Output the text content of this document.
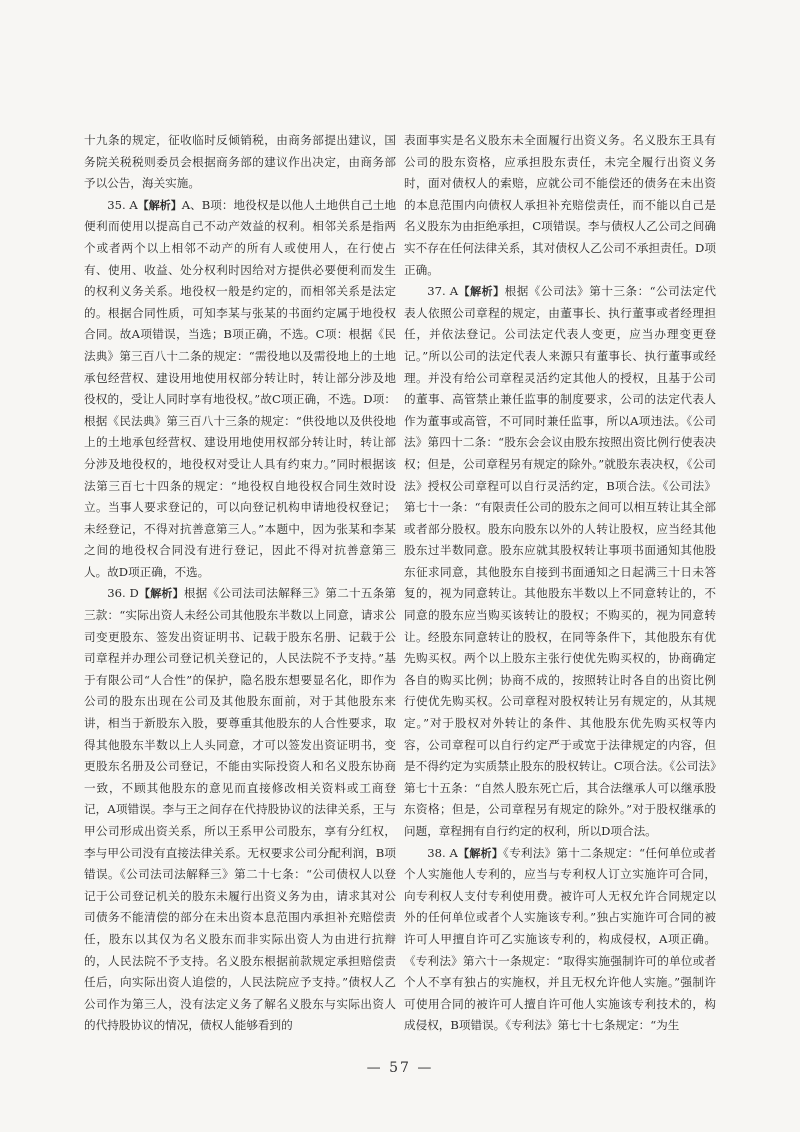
十九条的规定，征收临时反倾销税，由商务部提出建议，国务院关税税则委员会根据商务部的建议作出决定，由商务部予以公告，海关实施。

35. A【解析】A、B项：地役权是以他人土地供自己土地便利而使用以提高自己不动产效益的权利。相邻关系是指两个或者两个以上相邻不动产的所有人或使用人，在行使占有、使用、收益、处分权利时因给对方提供必要便利而发生的权利义务关系。地役权一般是约定的，而相邻关系是法定的。根据合同性质，可知李某与张某的书面约定属于地役权合同。故A项错误，当选；B项正确，不选。C项：根据《民法典》第三百八十二条的规定：“需役地以及需役地上的土地承包经营权、建设用地使用权部分转让时，转让部分涉及地役权的，受让人同时享有地役权。”故C项正确，不选。D项：根据《民法典》第三百八十三条的规定：“供役地以及供役地上的土地承包经营权、建设用地使用权部分转让时，转让部分涉及地役权的，地役权对受让人具有约束力。”同时根据该法第三百七十四条的规定：“地役权自地役权合同生效时设立。当事人要求登记的，可以向登记机构申请地役权登记；未经登记，不得对抗善意第三人。”本题中，因为张某和李某之间的地役权合同没有进行登记，因此不得对抗善意第三人。故D项正确，不选。

36. D【解析】根据《公司法司法解释三》第二十五条第三款：“实际出资人未经公司其他股东半数以上同意，请求公司变更股东、签发出资证明书、记载于股东名册、记载于公司章程并办理公司登记机关登记的，人民法院不予支持。”基于有限公司“人合性”的保护，隐名股东想要显名化，即作为公司的股东出现在公司及其他股东面前，对于其他股东来讲，相当于新股东入股，要尊重其他股东的人合性要求，取得其他股东半数以上人头同意，才可以签发出资证明书，变更股东名册及公司登记，不能由实际投资人和名义股东协商一致，不顾其他股东的意见而直接修改相关资料或工商登记，A项错误。李与王之间存在代持股协议的法律关系，王与甲公司形成出资关系，所以王系甲公司股东，享有分红权，李与甲公司没有直接法律关系。无权要求公司分配利润，B项错误。《公司法司法解释三》第二十七条：“公司债权人以登记于公司登记机关的股东未履行出资义务为由，请求其对公司债务不能清偿的部分在未出资本息范围内承担补充赔偿责任，股东以其仅为名义股东而非实际出资人为由进行抗辩的，人民法院不予支持。名义股东根据前款规定承担赔偿责任后，向实际出资人追偿的，人民法院应予支持。”债权人乙公司作为第三人，没有法定义务了解名义股东与实际出资人的代持股协议的情况，债权人能够看到的

表面事实是名义股东未全面履行出资义务。名义股东王具有公司的股东资格，应承担股东责任，未完全履行出资义务时，面对债权人的索赔，应就公司不能偿还的债务在未出资的本息范围内向债权人承担补充赔偿责任，而不能以自己是名义股东为由拒绝承担，C项错误。李与债权人乙公司之间确实不存在任何法律关系，其对债权人乙公司不承担责任。D项正确。

37. A【解析】根据《公司法》第十三条：“公司法定代表人依照公司章程的规定，由董事长、执行董事或者经理担任，并依法登记。公司法定代表人变更，应当办理变更登记。”所以公司的法定代表人来源只有董事长、执行董事或经理。并没有给公司章程灵活约定其他人的授权，且基于公司的董事、高管禁止兼任监事的制度要求，公司的法定代表人作为董事或高管，不可同时兼任监事，所以A项违法。《公司法》第四十二条：“股东会会议由股东按照出资比例行使表决权；但是，公司章程另有规定的除外。”就股东表决权，《公司法》授权公司章程可以自行灵活约定，B项合法。《公司法》第七十一条：“有限责任公司的股东之间可以相互转让其全部或者部分股权。股东向股东以外的人转让股权，应当经其他股东过半数同意。股东应就其股权转让事项书面通知其他股东征求同意，其他股东自接到书面通知之日起满三十日未答复的，视为同意转让。其他股东半数以上不同意转让的，不同意的股东应当购买该转让的股权；不购买的，视为同意转让。经股东同意转让的股权，在同等条件下，其他股东有优先购买权。两个以上股东主张行使优先购买权的，协商确定各自的购买比例；协商不成的，按照转让时各自的出资比例行使优先购买权。公司章程对股权转让另有规定的，从其规定。”对于股权对外转让的条件、其他股东优先购买权等内容，公司章程可以自行约定严于或宽于法律规定的内容，但是不得约定为实质禁止股东的股权转让。C项合法。《公司法》第七十五条：“自然人股东死亡后，其合法继承人可以继承股东资格；但是，公司章程另有规定的除外。”对于股权继承的问题，章程拥有自行约定的权利，所以D项合法。

38. A【解析】《专利法》第十二条规定：“任何单位或者个人实施他人专利的，应当与专利权人订立实施许可合同，向专利权人支付专利使用费。被许可人无权允许合同规定以外的任何单位或者个人实施该专利。”独占实施许可合同的被许可人甲擅自许可乙实施该专利的，构成侵权，A项正确。《专利法》第六十一条规定：“取得实施强制许可的单位或者个人不享有独占的实施权，并且无权允许他人实施。”强制许可使用合同的被许可人擅自许可他人实施该专利技术的，构成侵权，B项错误。《专利法》第七十七条规定：“为生

— 57 —
